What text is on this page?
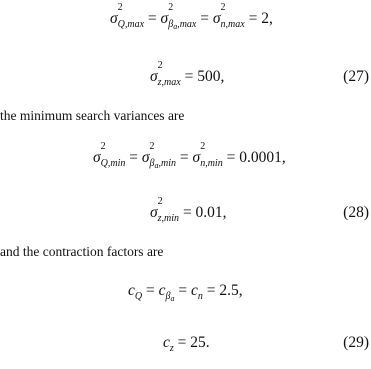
σ
2
Q,max = σ
2
$\beta_a,\max = \sigma$
2
n,max = 2,
σ
2
z,max = 500,	(27)
the minimum search variances are
σ
2
Q,min = σ
2
$\beta_a,\min = \sigma$
2
n,min = 0.0001,
σ
2
z,min = 0.01,	(28)
and the contraction factors are
$c_Q = c_{\beta_a} = c_n = 2.5$,
$c_z = 25$.	(29)
